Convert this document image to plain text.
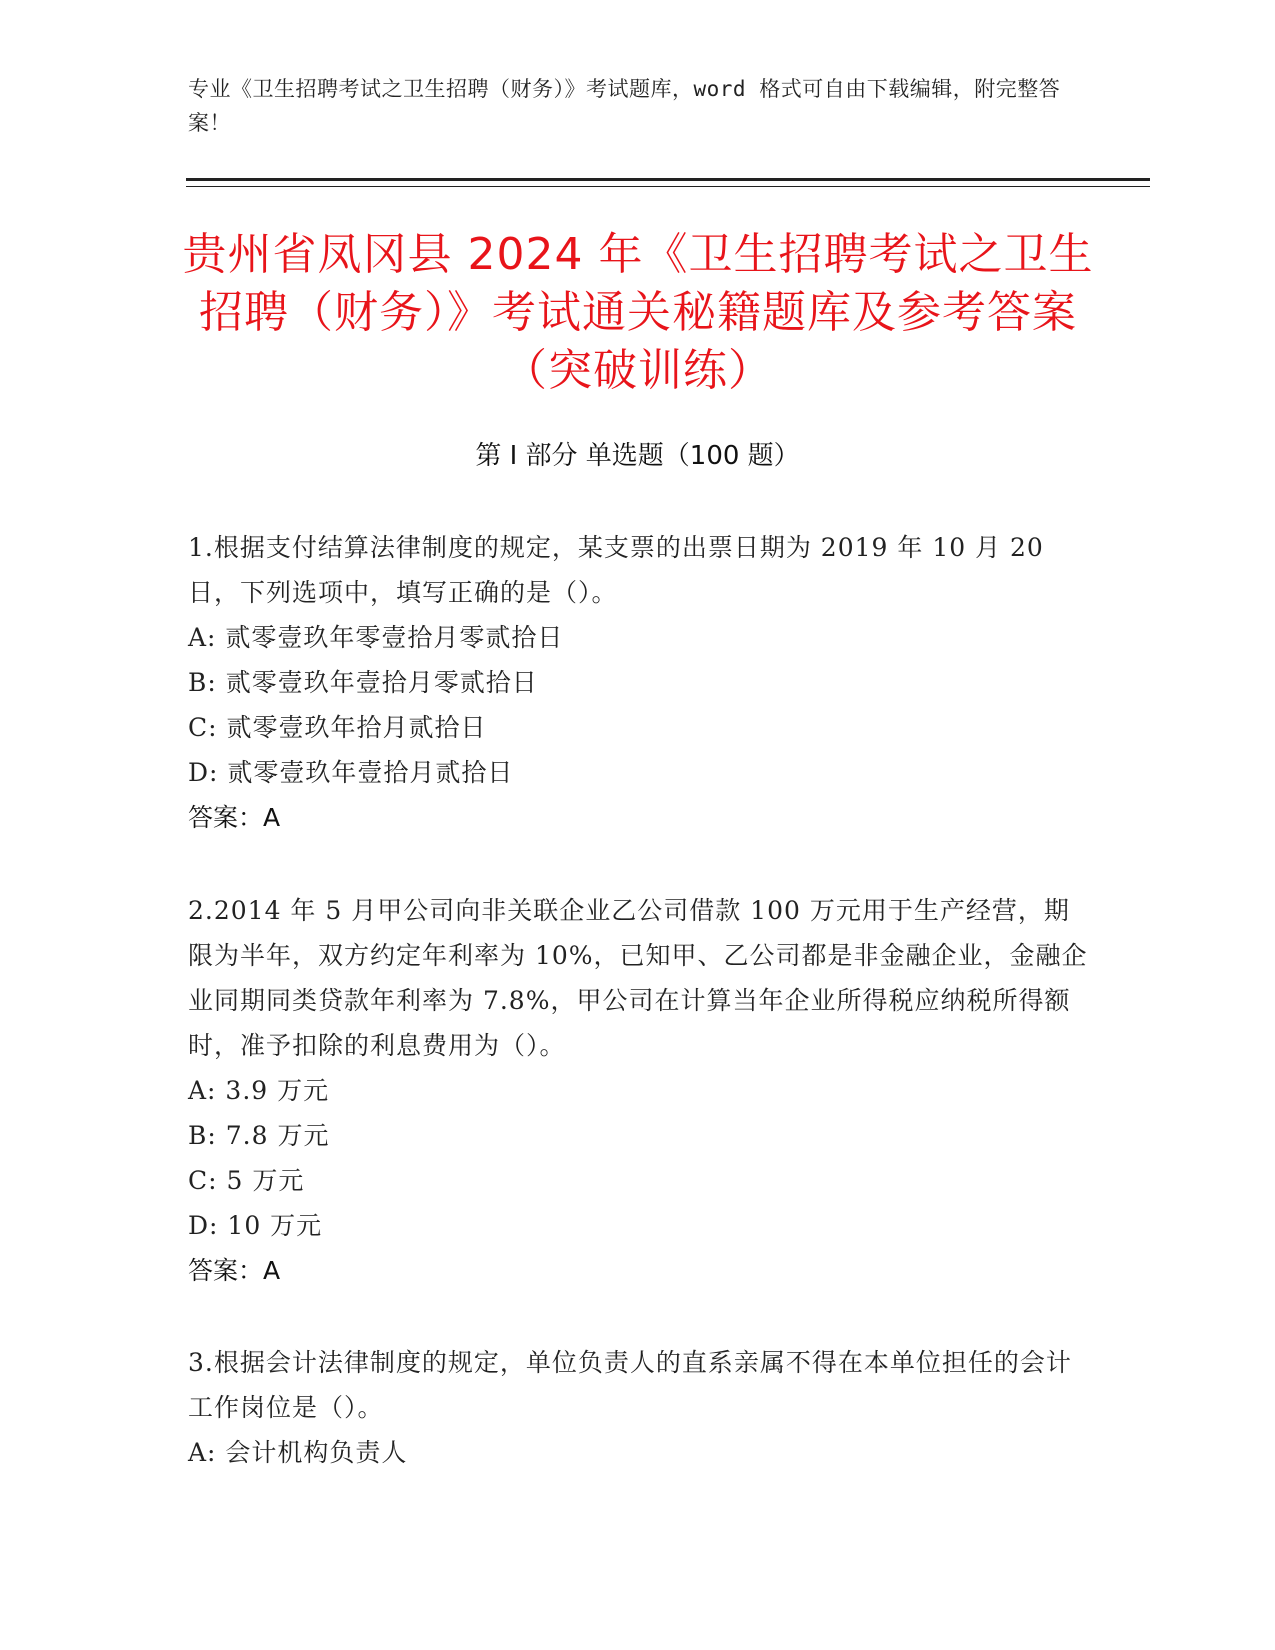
专业《卫生招聘考试之卫生招聘（财务）》考试题库，word 格式可自由下载编辑，附完整答案！
贵州省凤冈县 2024 年《卫生招聘考试之卫生招聘（财务）》考试通关秘籍题库及参考答案（突破训练）
第 I 部分 单选题（100 题）
1.根据支付结算法律制度的规定，某支票的出票日期为 2019 年 10 月 20 日，下列选项中，填写正确的是（）。
A: 贰零壹玖年零壹拾月零贰拾日
B: 贰零壹玖年壹拾月零贰拾日
C: 贰零壹玖年拾月贰拾日
D: 贰零壹玖年壹拾月贰拾日
答案：A
2.2014 年 5 月甲公司向非关联企业乙公司借款 100 万元用于生产经营，期限为半年，双方约定年利率为 10%，已知甲、乙公司都是非金融企业，金融企业同期同类贷款年利率为 7.8%，甲公司在计算当年企业所得税应纳税所得额时，准予扣除的利息费用为（）。
A: 3.9 万元
B: 7.8 万元
C: 5 万元
D: 10 万元
答案：A
3.根据会计法律制度的规定，单位负责人的直系亲属不得在本单位担任的会计工作岗位是（）。
A: 会计机构负责人
